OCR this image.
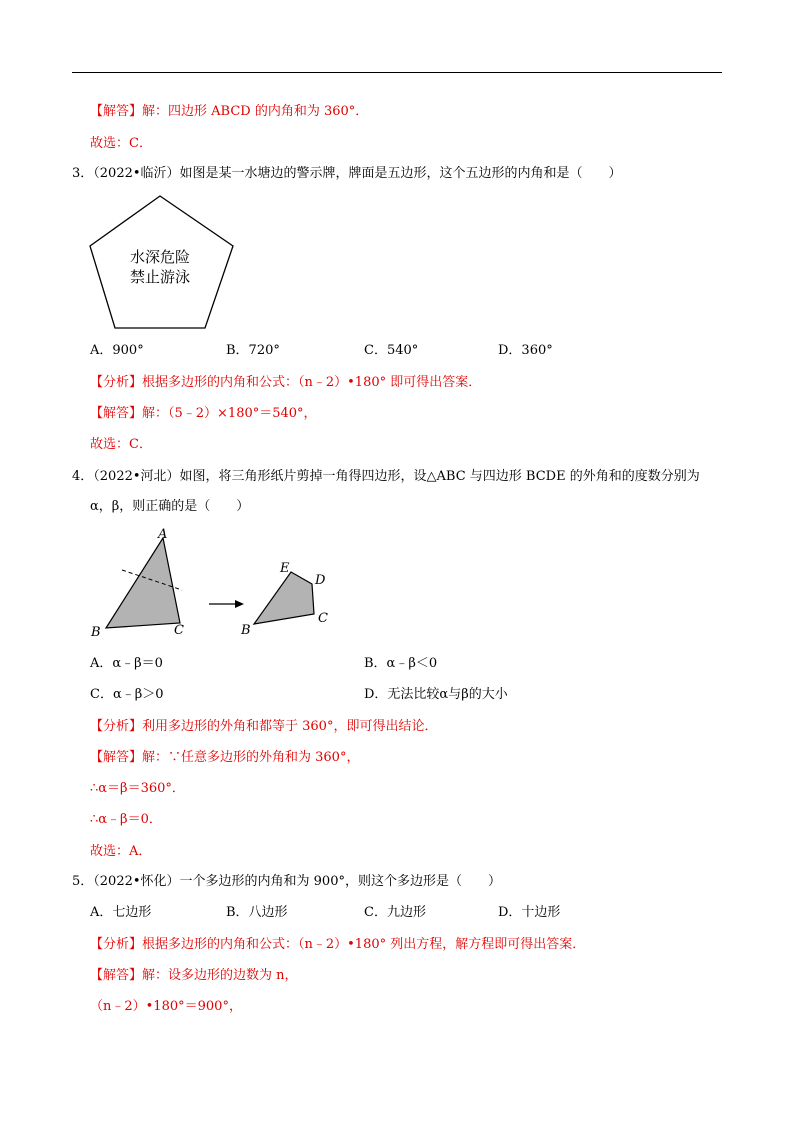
【解答】解：四边形 ABCD 的内角和为 360°．
故选：C．
3．（2022•临沂）如图是某一水塘边的警示牌，牌面是五边形，这个五边形的内角和是（　　）
水深危险
禁止游泳
A．900°	B．720°	C．540°	D．360°
【分析】根据多边形的内角和公式：（n﹣2）•180° 即可得出答案．
【解答】解：（5﹣2）×180°＝540°，
故选：C．
4．（2022•河北）如图，将三角形纸片剪掉一角得四边形，设△ABC 与四边形 BCDE 的外角和的度数分别为
α，β，则正确的是（　　）
A
B	C
E
D
B
C
A．α﹣β＝0	B．α﹣β＜0
C．α﹣β＞0	D．无法比较α与β的大小
【分析】利用多边形的外角和都等于 360°，即可得出结论．
【解答】解：∵任意多边形的外角和为 360°，
∴α＝β＝360°．
∴α﹣β＝0．
故选：A．
5．（2022•怀化）一个多边形的内角和为 900°，则这个多边形是（　　）
A．七边形	B．八边形	C．九边形	D．十边形
【分析】根据多边形的内角和公式：（n﹣2）•180° 列出方程，解方程即可得出答案．
【解答】解：设多边形的边数为 n，
（n﹣2）•180°＝900°，
